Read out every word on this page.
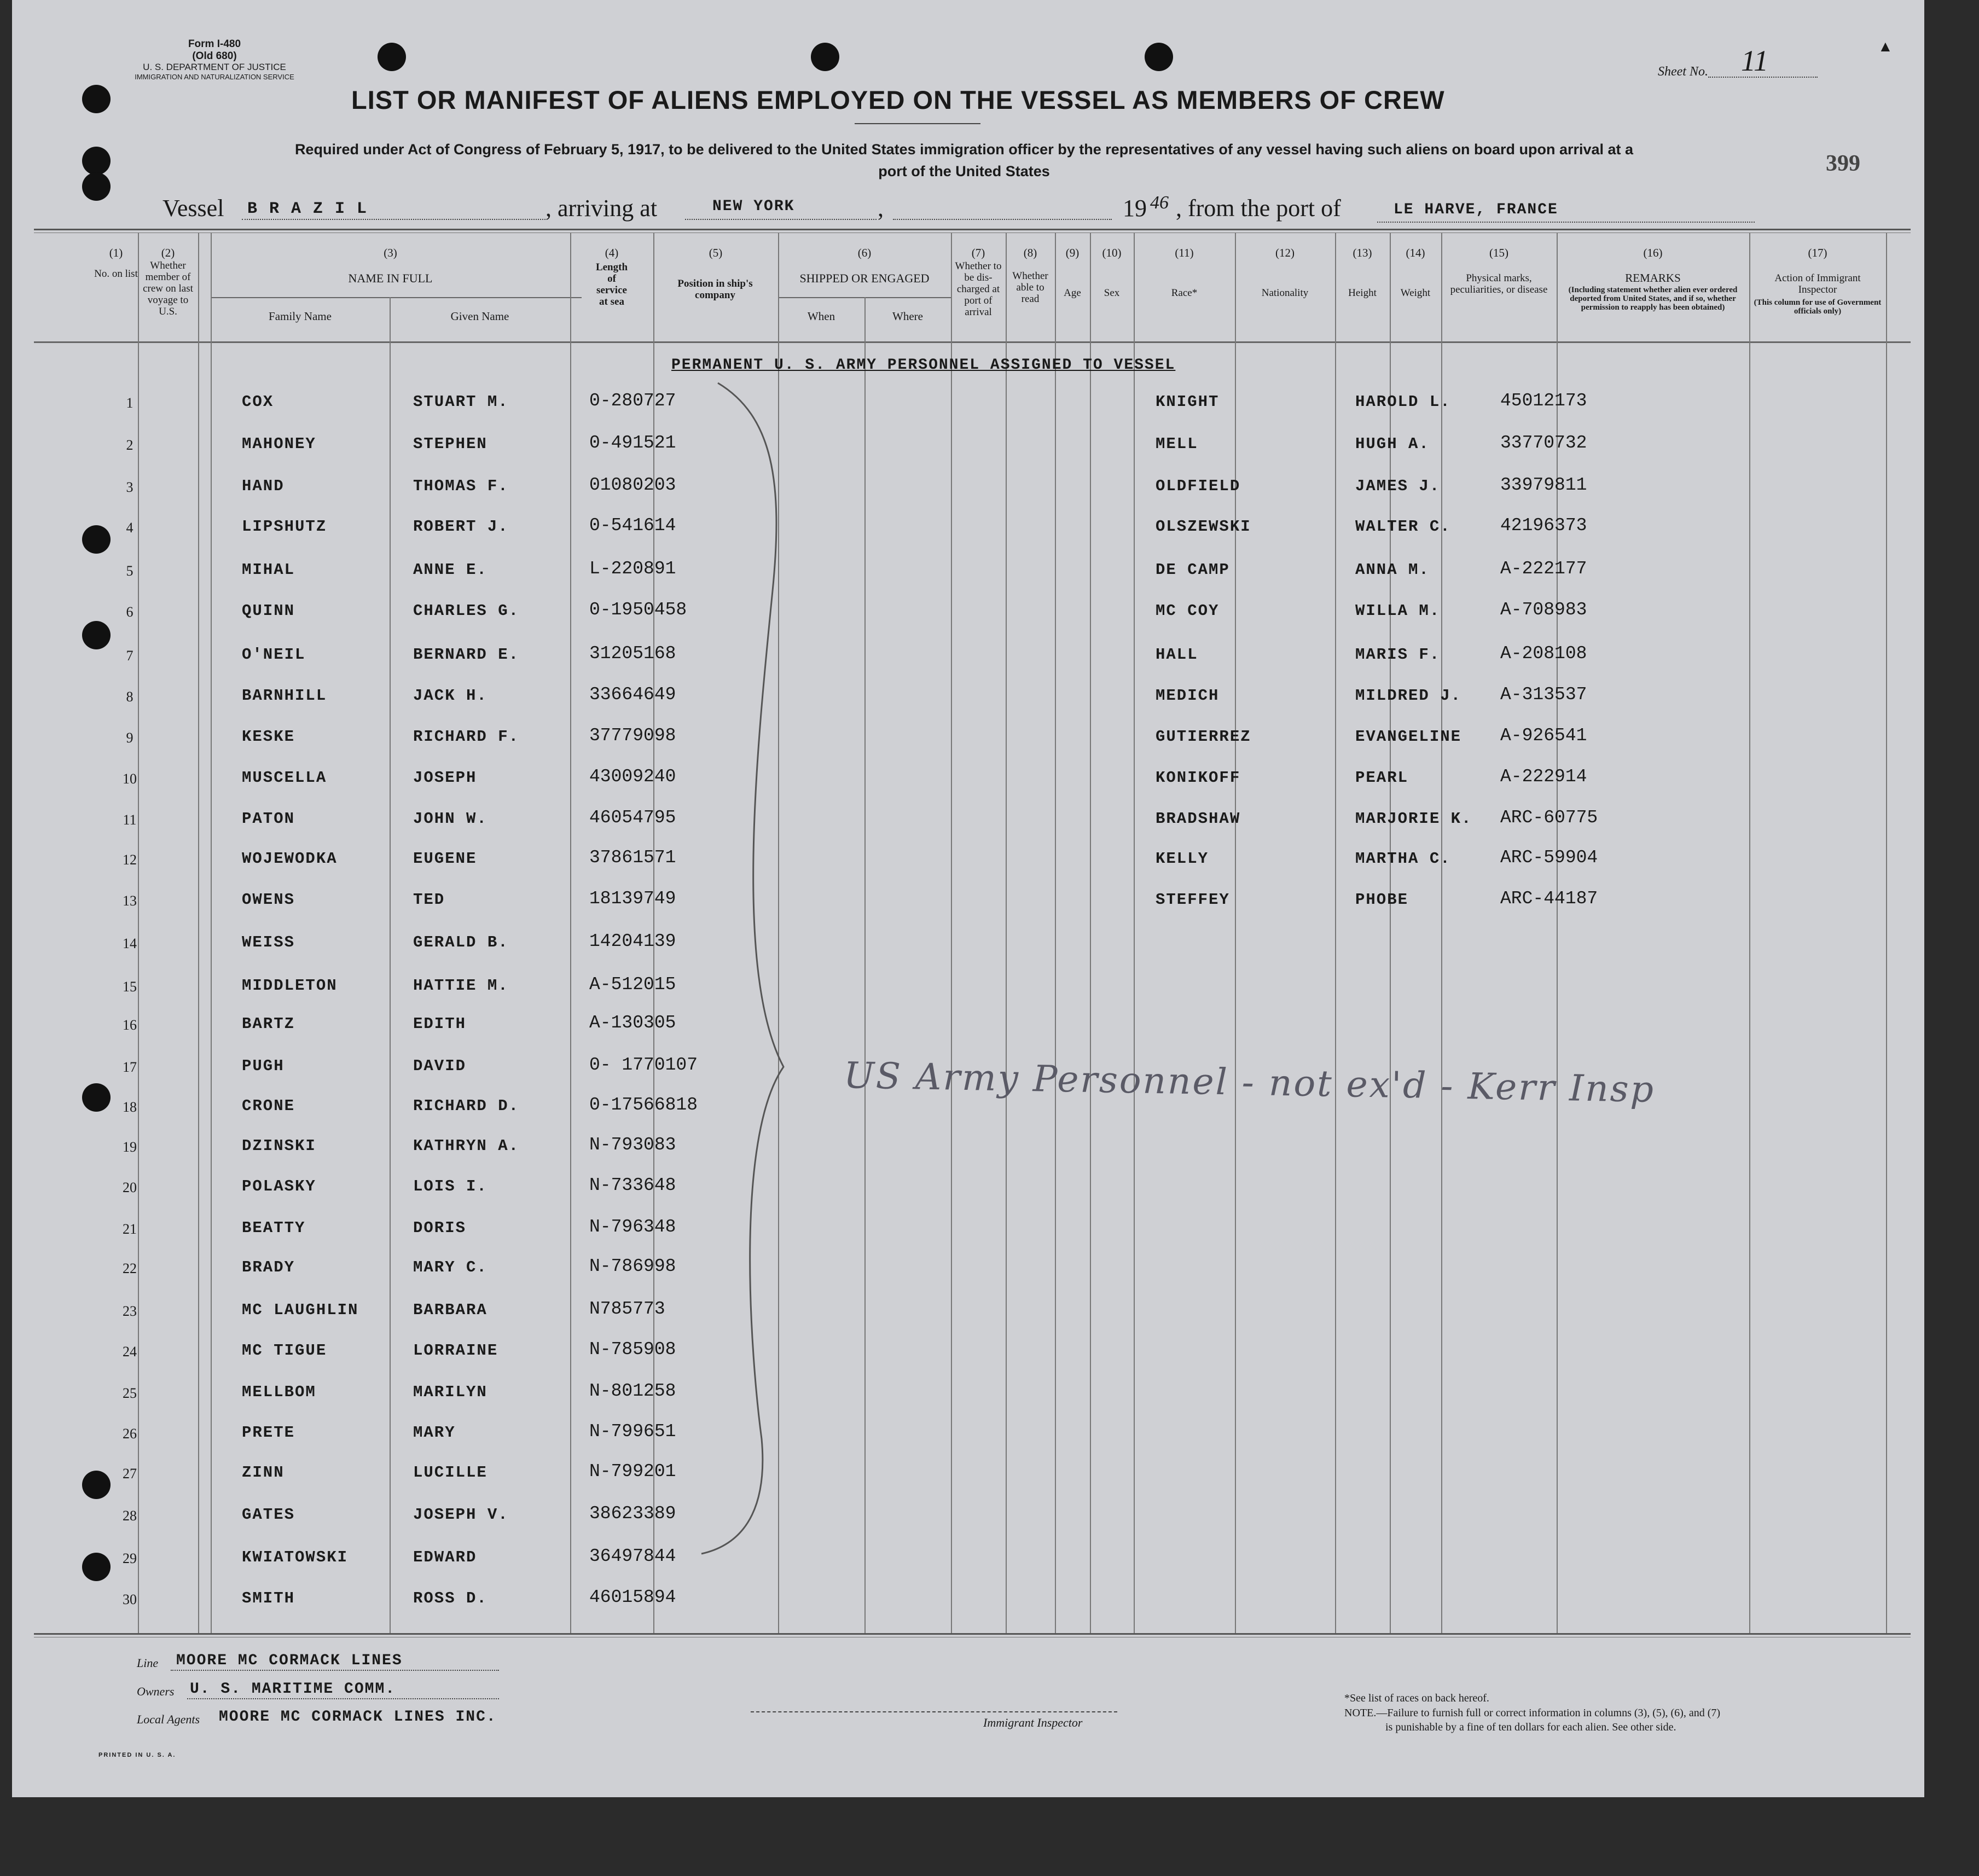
Form I-480
(Old 680)
U. S. DEPARTMENT OF JUSTICE
IMMIGRATION AND NATURALIZATION SERVICE	Sheet No. 11	▲
LIST OR MANIFEST OF ALIENS EMPLOYED ON THE VESSEL AS MEMBERS OF CREW
Required under Act of Congress of February 5, 1917, to be delivered to the United States immigration officer by the representatives of any vessel having such aliens on board upon arrival at a
port of the United States	399
Vessel B R A Z I L	, arriving at	NEW YORK	,	19 46 , from the port of	LE HARVE, FRANCE
(1)
No. on list
(2)
Whether member of crew on last voyage to U.S.
(3)
NAME IN FULL
Family Name	Given Name
(4)
Length of service at sea
(5)
Position in ship's company
(6)
SHIPPED OR ENGAGED
When	Where
(7)
Whether to be dis-charged at port of arrival
(8)
Whether able to read
(9)
Age
(10)
Sex
(11)
Race*
(12)
Nationality
(13)
Height
(14)
Weight
(15)
Physical marks, peculiarities, or disease
(16)
REMARKS
(Including statement whether alien ever ordered deported from United States, and if so, whether permission to reapply has been obtained)
(17)
Action of Immigrant Inspector
(This column for use of Government officials only)
PERMANENT U. S. ARMY PERSONNEL ASSIGNED TO VESSEL
1	COX	STUART M.	0-280727	KNIGHT	HAROLD L.	45012173
2	MAHONEY	STEPHEN	0-491521	MELL	HUGH A.	33770732
3	HAND	THOMAS F.	01080203	OLDFIELD	JAMES J.	33979811
4	LIPSHUTZ	ROBERT J.	0-541614	OLSZEWSKI	WALTER C.	42196373
5	MIHAL	ANNE E.	L-220891	DE CAMP	ANNA M.	A-222177
6	QUINN	CHARLES G.	0-1950458	MC COY	WILLA M.	A-708983
7	O'NEIL	BERNARD E.	31205168	HALL	MARIS F.	A-208108
8	BARNHILL	JACK H.	33664649	MEDICH	MILDRED J. A-313537
9	KESKE	RICHARD F.	37779098	GUTIERREZ	EVANGELINE A-926541
10	MUSCELLA	JOSEPH	43009240	KONIKOFF	PEARL	A-222914
11	PATON	JOHN W.	46054795	BRADSHAW	MARJORIE K. ARC-60775
12	WOJEWODKA	EUGENE	37861571	KELLY	MARTHA C.	ARC-59904
13	OWENS	TED	18139749	STEFFEY	PHOBE	ARC-44187
14	WEISS	GERALD B.	14204139
15	MIDDLETON	HATTIE M.	A-512015
16	BARTZ	EDITH	A-130305
17	PUGH	DAVID	0- 1770107
18	CRONE	RICHARD D.	0-17566818
19	DZINSKI	KATHRYN A.	N-793083
20	POLASKY	LOIS I.	N-733648
21	BEATTY	DORIS	N-796348
22	BRADY	MARY C.	N-786998
23	MC LAUGHLIN	BARBARA	N785773
24	MC TIGUE	LORRAINE	N-785908
25	MELLBOM	MARILYN	N-801258
26	PRETE	MARY	N-799651
27	ZINN	LUCILLE	N-799201
28	GATES	JOSEPH V.	38623389
29	KWIATOWSKI	EDWARD	36497844
30	SMITH	ROSS D.	46015894
US Army Personnel - not ex'd - Kerr Insp
Line MOORE MC CORMACK LINES
Owners U. S. MARITIME COMM.
Local Agents MOORE MC CORMACK LINES INC.	Immigrant Inspector
*See list of races on back hereof.
NOTE.—Failure to furnish full or correct information in columns (3), (5), (6), and (7)
is punishable by a fine of ten dollars for each alien. See other side.
PRINTED IN U. S. A.
